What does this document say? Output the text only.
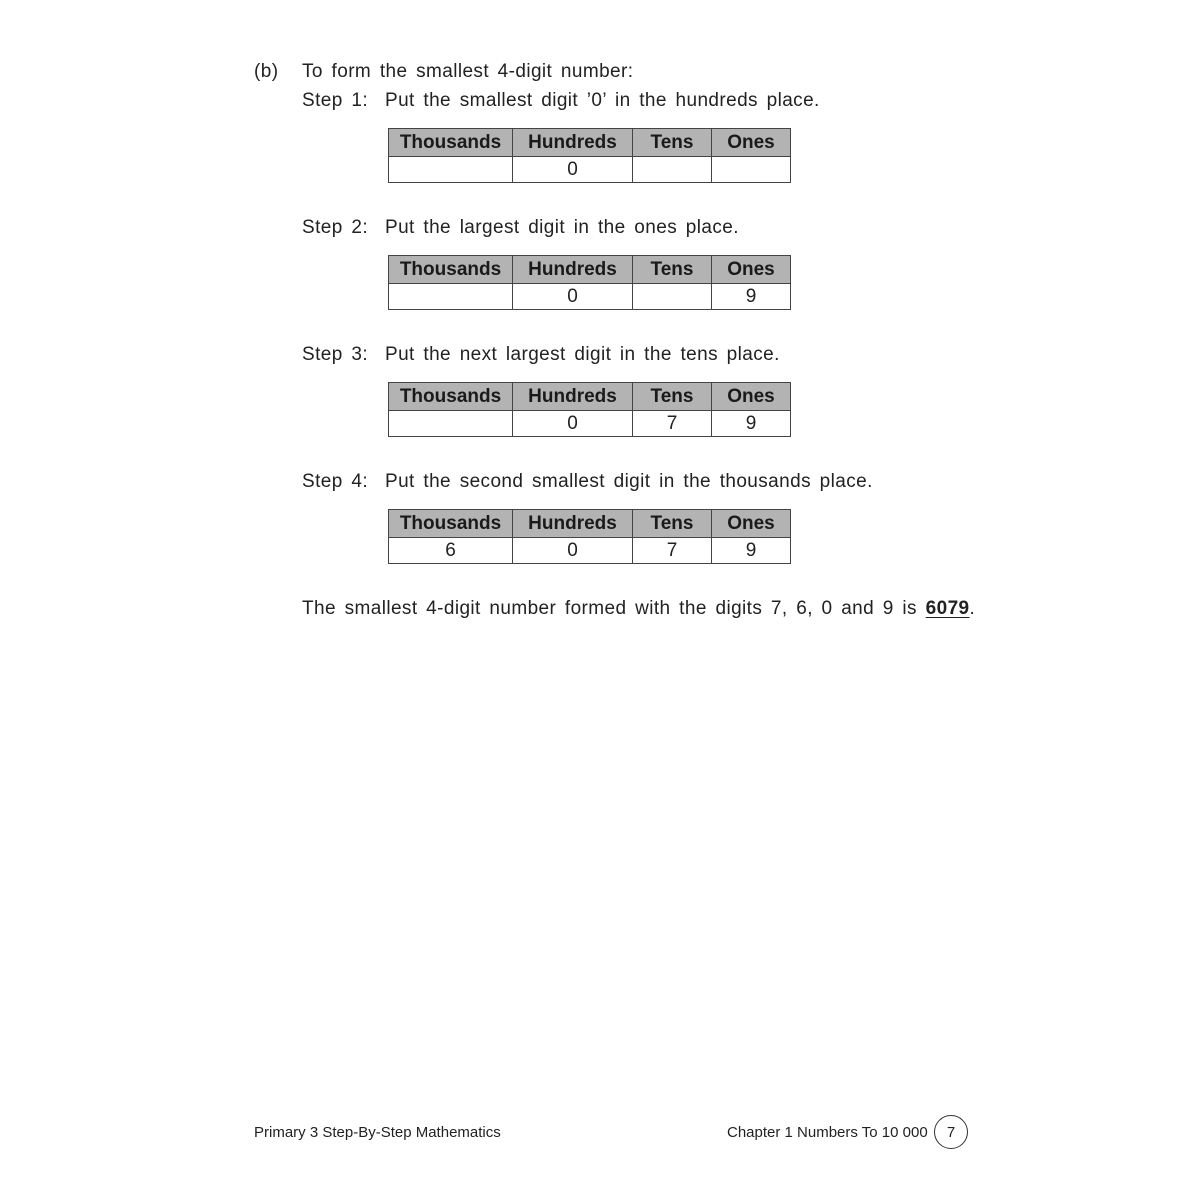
(b) To form the smallest 4-digit number:
Step 1: Put the smallest digit ’0’ in the hundreds place.
Thousands	Hundreds	Tens	Ones
	0		
Step 2: Put the largest digit in the ones place.
Thousands	Hundreds	Tens	Ones
	0		9
Step 3: Put the next largest digit in the tens place.
Thousands	Hundreds	Tens	Ones
	0	7	9
Step 4: Put the second smallest digit in the thousands place.
Thousands	Hundreds	Tens	Ones
6	0	7	9
The smallest 4-digit number formed with the digits 7, 6, 0 and 9 is 6079.
Primary 3 Step-By-Step Mathematics	Chapter 1 Numbers To 10 000	7
